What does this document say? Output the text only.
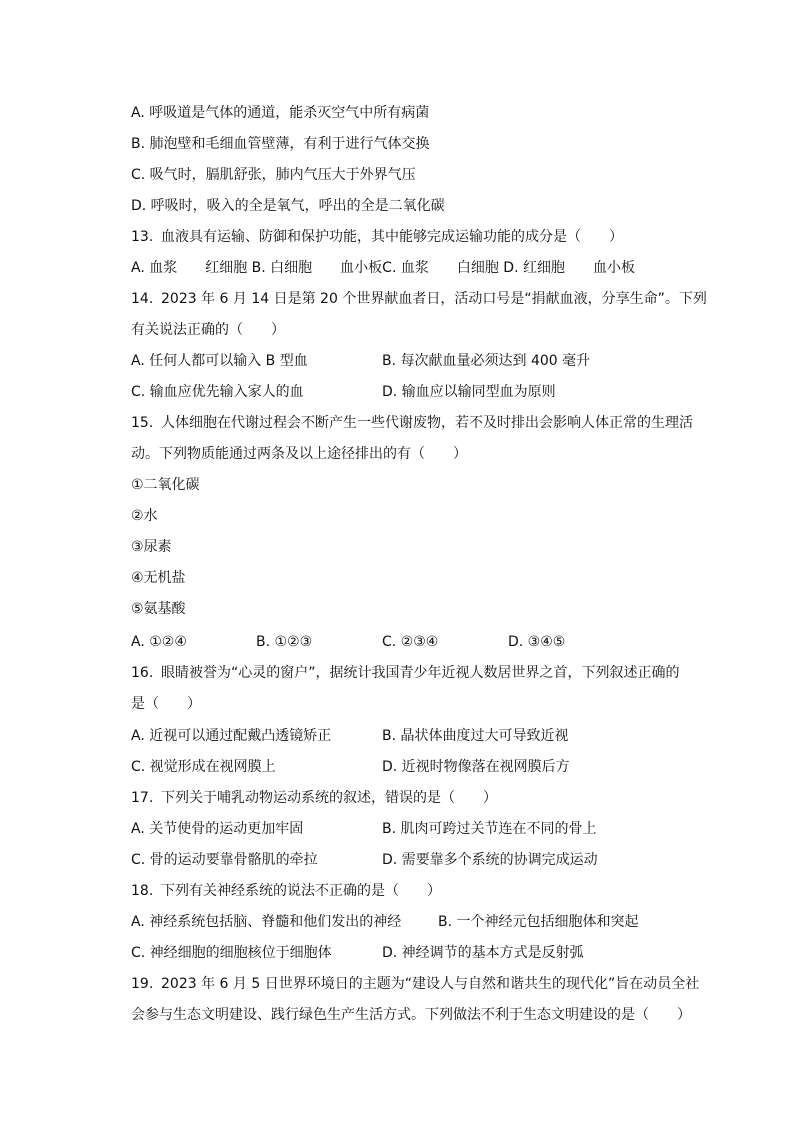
A. 呼吸道是气体的通道，能杀灭空气中所有病菌
B. 肺泡壁和毛细血管壁薄，有利于进行气体交换
C. 吸气时，膈肌舒张，肺内气压大于外界气压
D. 呼吸时，吸入的全是氧气，呼出的全是二氧化碳
13. 血液具有运输、防御和保护功能，其中能够完成运输功能的成分是（　　）
A. 血浆　　红细胞 B. 白细胞　　血小板C. 血浆　　白细胞 D. 红细胞　　血小板
14. 2023 年 6 月 14 日是第 20 个世界献血者日，活动口号是“捐献血液，分享生命”。下列
有关说法正确的（　　）
A. 任何人都可以输入 B 型血	B. 每次献血量必须达到 400 毫升
C. 输血应优先输入家人的血	D. 输血应以输同型血为原则
15. 人体细胞在代谢过程会不断产生一些代谢废物，若不及时排出会影响人体正常的生理活
动。下列物质能通过两条及以上途径排出的有（　　）
①二氧化碳
②水
③尿素
④无机盐
⑤氨基酸
A. ①②④	B. ①②③	C. ②③④	D. ③④⑤
16. 眼睛被誉为“心灵的窗户”，据统计我国青少年近视人数居世界之首，下列叙述正确的
是（　　）
A. 近视可以通过配戴凸透镜矫正	B. 晶状体曲度过大可导致近视
C. 视觉形成在视网膜上	D. 近视时物像落在视网膜后方
17. 下列关于哺乳动物运动系统的叙述，错误的是（　　）
A. 关节使骨的运动更加牢固	B. 肌肉可跨过关节连在不同的骨上
C. 骨的运动要靠骨骼肌的牵拉	D. 需要靠多个系统的协调完成运动
18. 下列有关神经系统的说法不正确的是（　　）
A. 神经系统包括脑、脊髓和他们发出的神经	B. 一个神经元包括细胞体和突起
C. 神经细胞的细胞核位于细胞体	D. 神经调节的基本方式是反射弧
19. 2023 年 6 月 5 日世界环境日的主题为“建设人与自然和谐共生的现代化”旨在动员全社
会参与生态文明建设、践行绿色生产生活方式。下列做法不利于生态文明建设的是（　　）
